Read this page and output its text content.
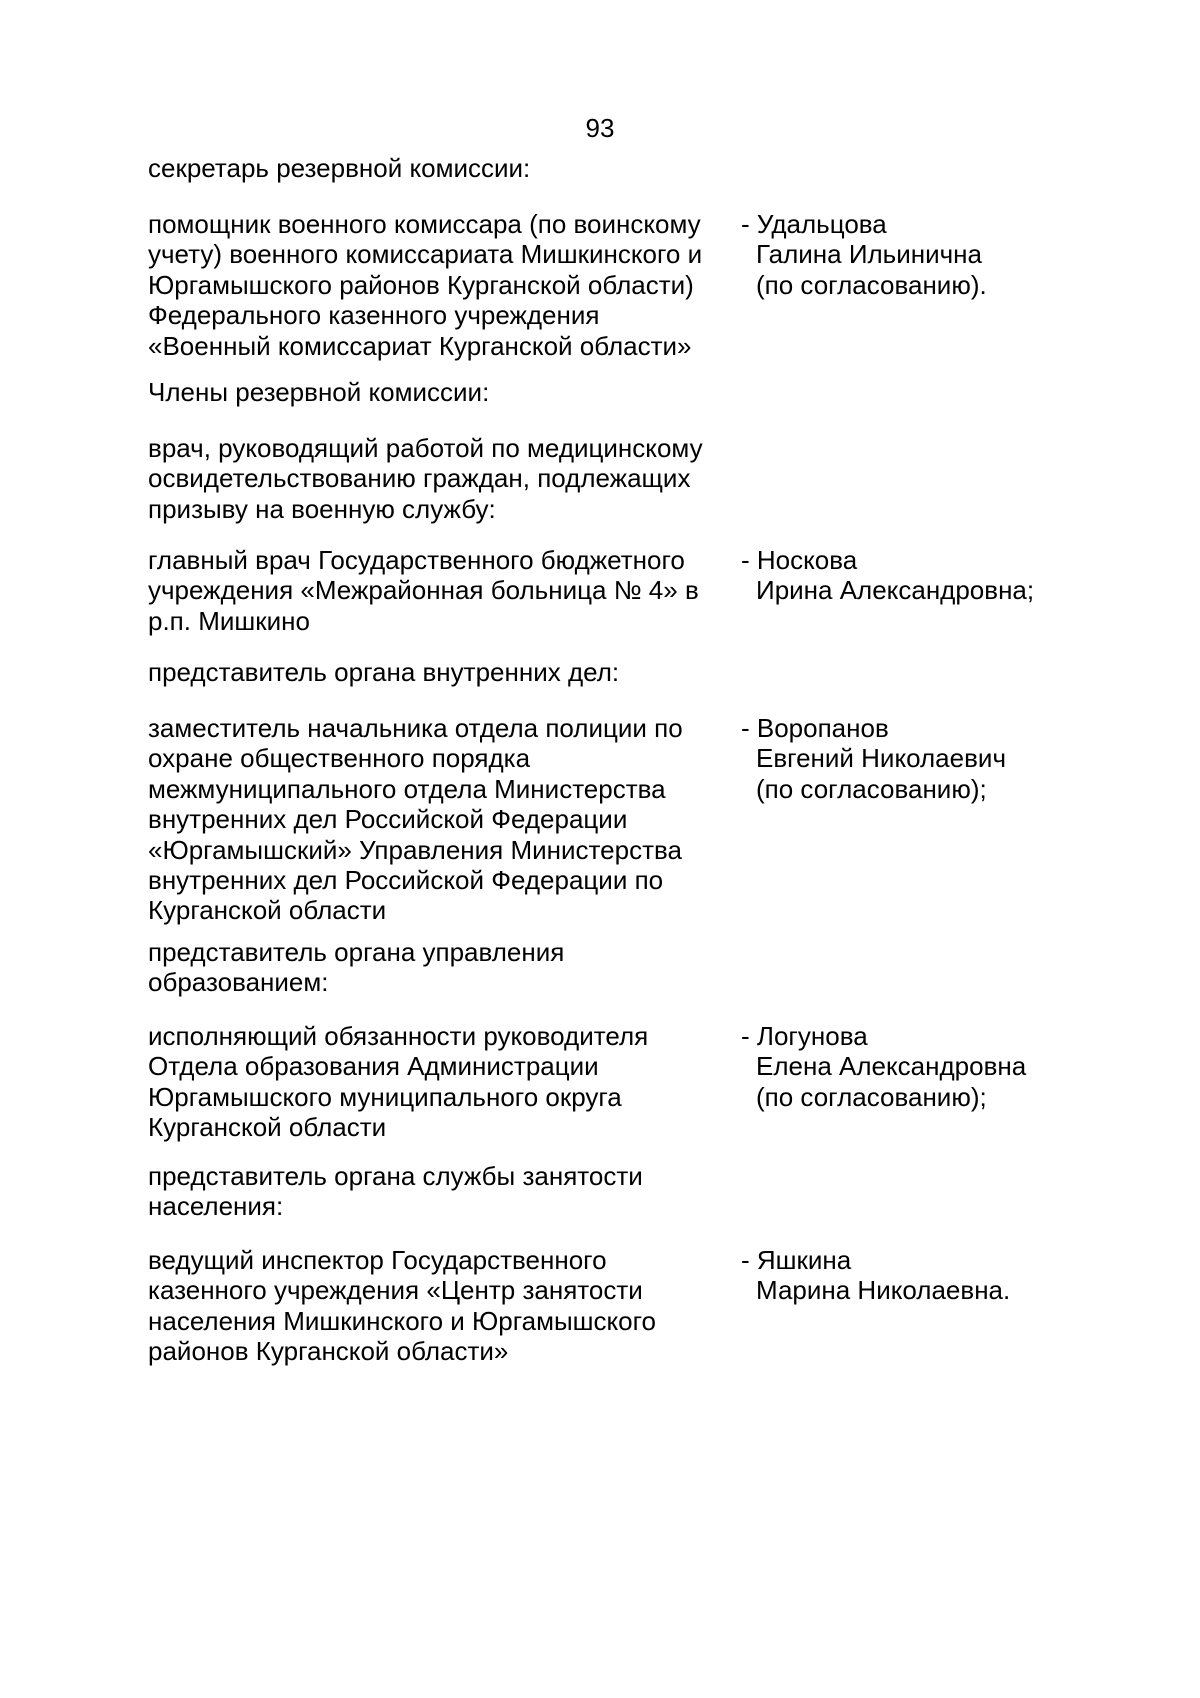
93
секретарь резервной комиссии:
помощник военного комиссара (по воинскому
учету) военного комиссариата Мишкинского и
Юргамышского районов Курганской области)
Федерального казенного учреждения
«Военный комиссариат Курганской области»
- Удальцова
Галина Ильинична
(по согласованию).
Члены резервной комиссии:
врач, руководящий работой по медицинскому
освидетельствованию граждан, подлежащих
призыву на военную службу:
главный врач Государственного бюджетного
учреждения «Межрайонная больница № 4» в
р.п. Мишкино
- Носкова
Ирина Александровна;
представитель органа внутренних дел:
заместитель начальника отдела полиции по
охране общественного порядка
межмуниципального отдела Министерства
внутренних дел Российской Федерации
«Юргамышский» Управления Министерства
внутренних дел Российской Федерации по
Курганской области
- Воропанов
Евгений Николаевич
(по согласованию);
представитель органа управления
образованием:
исполняющий обязанности руководителя
Отдела образования Администрации
Юргамышского муниципального округа
Курганской области
- Логунова
Елена Александровна
(по согласованию);
представитель органа службы занятости
населения:
ведущий инспектор Государственного
казенного учреждения «Центр занятости
населения Мишкинского и Юргамышского
районов Курганской области»
- Яшкина
Марина Николаевна.
